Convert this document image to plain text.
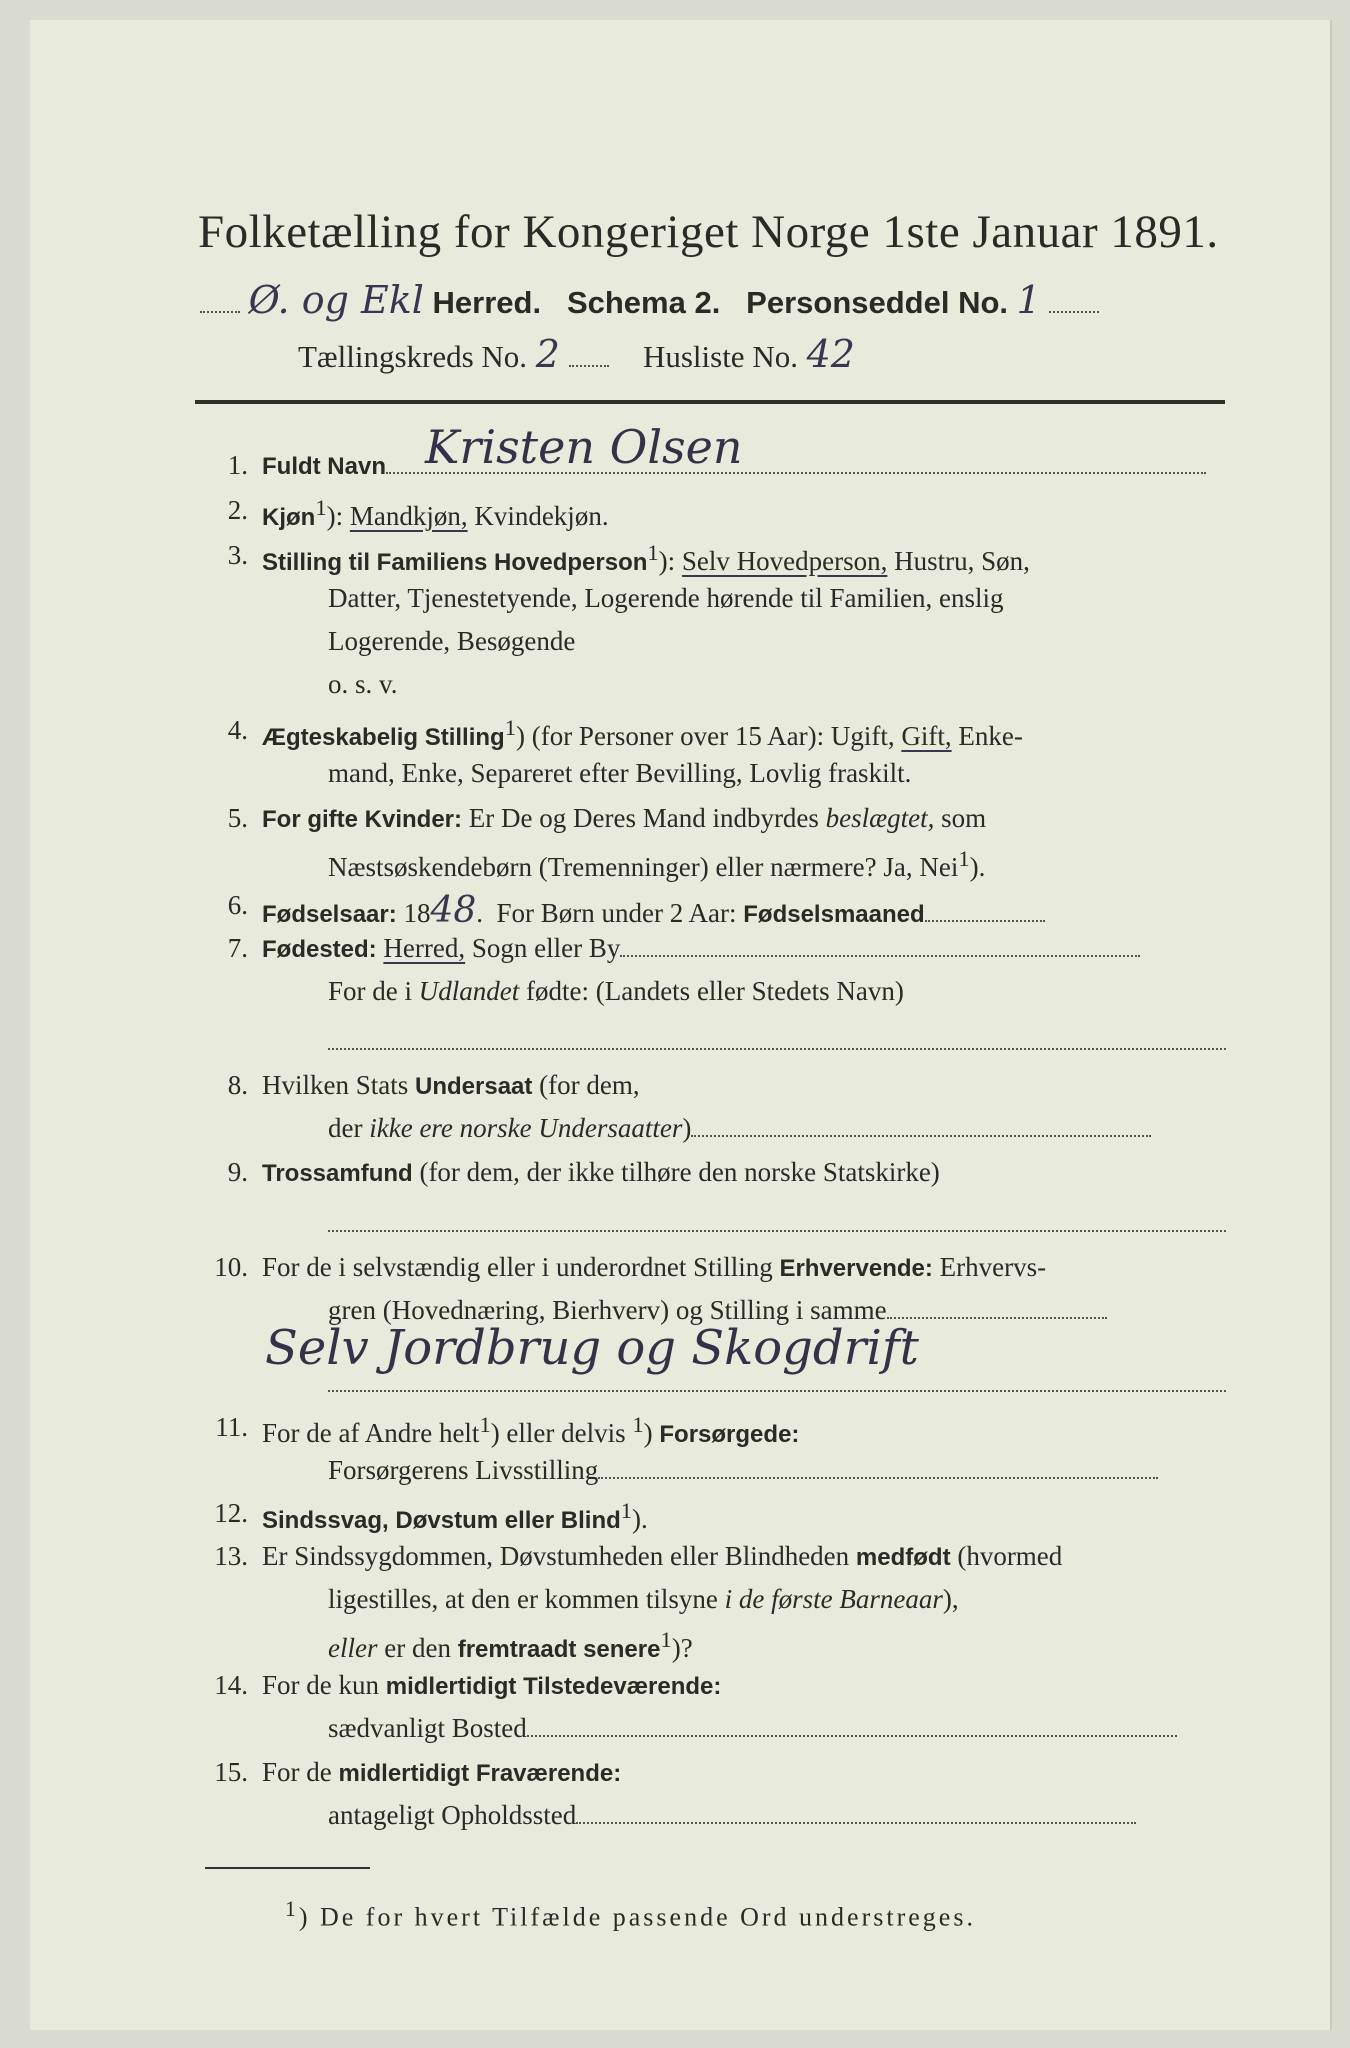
Folketælling for Kongeriget Norge 1ste Januar 1891.
Ø. og Ekl Herred. Schema 2. Personseddel No. 1
Tællingskreds No. 2	Husliste No. 42
1. Fuldt Navn Kristen Olsen
2. Kjøn$^1$): Mandkjøn, Kvindekjøn.
3. Stilling til Familiens Hovedperson$^1$): Selv Hovedperson, Hustru, Søn,
Datter, Tjenestetyende, Logerende hørende til Familien, enslig
Logerende, Besøgende
o. s. v.
4. Ægteskabelig Stilling$^1$) (for Personer over 15 Aar): Ugift, Gift, Enke-
mand, Enke, Separeret efter Bevilling, Lovlig fraskilt.
5. For gifte Kvinder: Er De og Deres Mand indbyrdes beslægtet, som
Næstsøskendebørn (Tremenninger) eller nærmere? Ja, Nei$^1$).
6. Fødselsaar: 1848.  For Børn under 2 Aar: Fødselsmaaned
7. Fødested: Herred, Sogn eller By
For de i Udlandet fødte: (Landets eller Stedets Navn)
8. Hvilken Stats Undersaat (for dem,
der ikke ere norske Undersaatter)
9. Trossamfund (for dem, der ikke tilhøre den norske Statskirke)
10. For de i selvstændig eller i underordnet Stilling Erhvervende: Erhvervs-
gren (Hovednæring, Bierhverv) og Stilling i samme
Selv Jordbrug og Skogdrift
11. For de af Andre helt$^1$) eller delvis $^1$) Forsørgede:
Forsørgerens Livsstilling
12. Sindssvag, Døvstum eller Blind$^1$).
13. Er Sindssygdommen, Døvstumheden eller Blindheden medfødt (hvormed
ligestilles, at den er kommen tilsyne i de første Barneaar),
eller er den fremtraadt senere$^1$)?
14. For de kun midlertidigt Tilstedeværende:
sædvanligt Bosted
15. For de midlertidigt Fraværende:
antageligt Opholdssted
$^1$) De for hvert Tilfælde passende Ord understreges.
